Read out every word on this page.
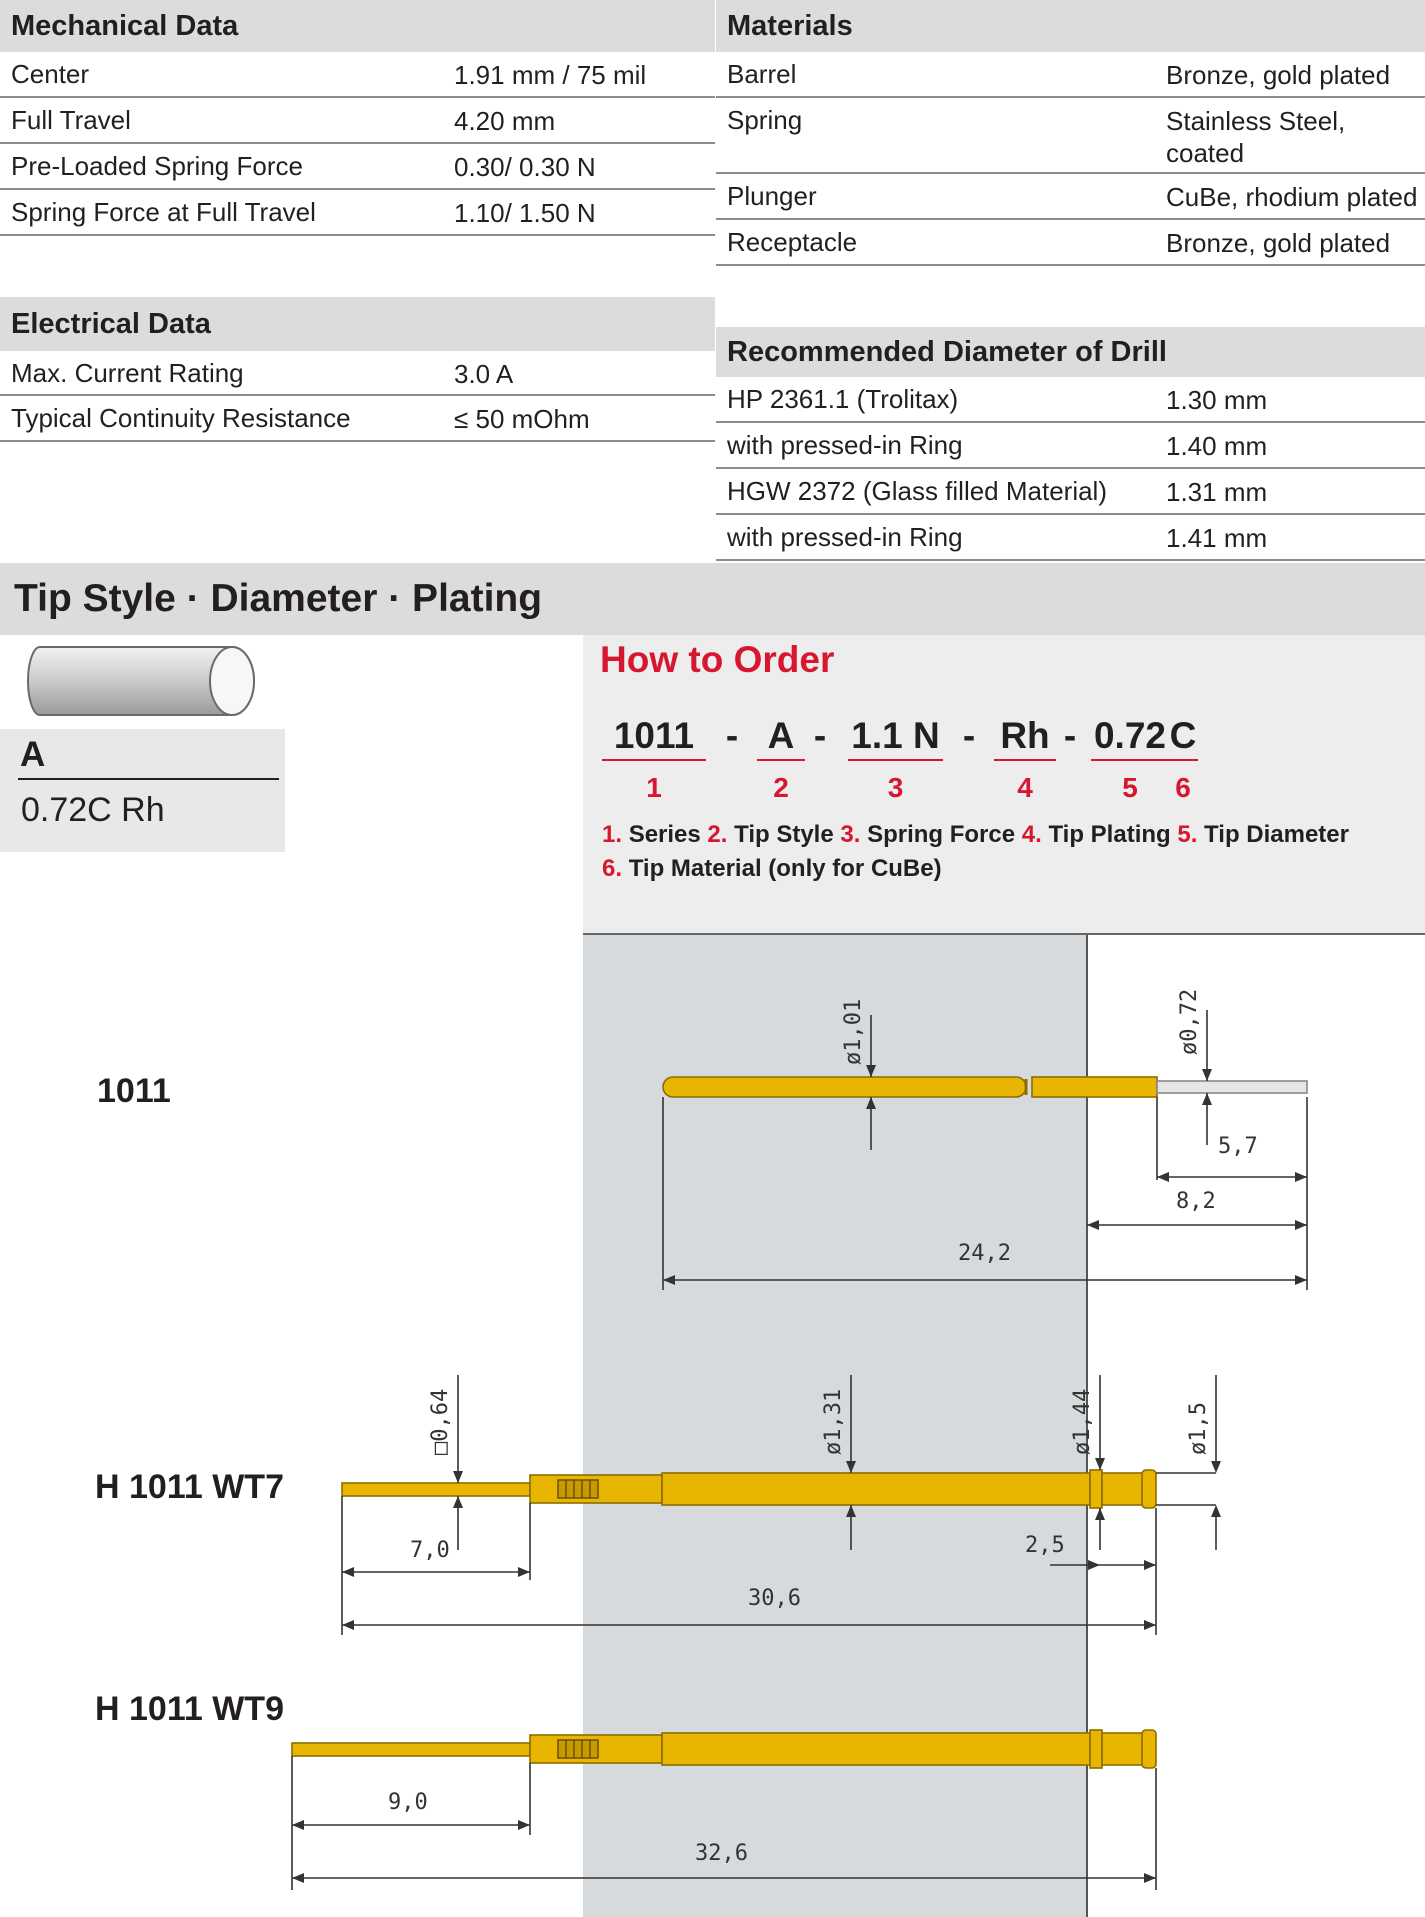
Mechanical Data
Center	1.91 mm / 75 mil
Full Travel	4.20 mm
Pre-Loaded Spring Force	0.30/ 0.30 N
Spring Force at Full Travel	1.10/ 1.50 N
Materials
Barrel	Bronze, gold plated
Spring	Stainless Steel,
coated
Plunger	CuBe, rhodium plated
Receptacle	Bronze, gold plated
Electrical Data
Max. Current Rating	3.0 A
Typical Continuity Resistance	≤ 50 mOhm
Recommended Diameter of Drill
HP 2361.1 (Trolitax)	1.30 mm
with pressed-in Ring	1.40 mm
HGW 2372 (Glass filled Material) 1.31 mm
with pressed-in Ring	1.41 mm
Tip Style · Diameter · Plating
A
0.72C Rh
How to Order
1011 - A - 1.1 N - Rh - 0.72 C
1	2	3	4	5	6
1. Series 2. Tip Style 3. Spring Force 4. Tip Plating 5. Tip Diameter
6. Tip Material (only for CuBe)
1011
H 1011 WT7
H 1011 WT9
ø1,01	ø0,72
5,7
8,2
24,2
□0,64	ø1,31	ø1,44	ø1,5
7,0	2,5
30,6
9,0
32,6
